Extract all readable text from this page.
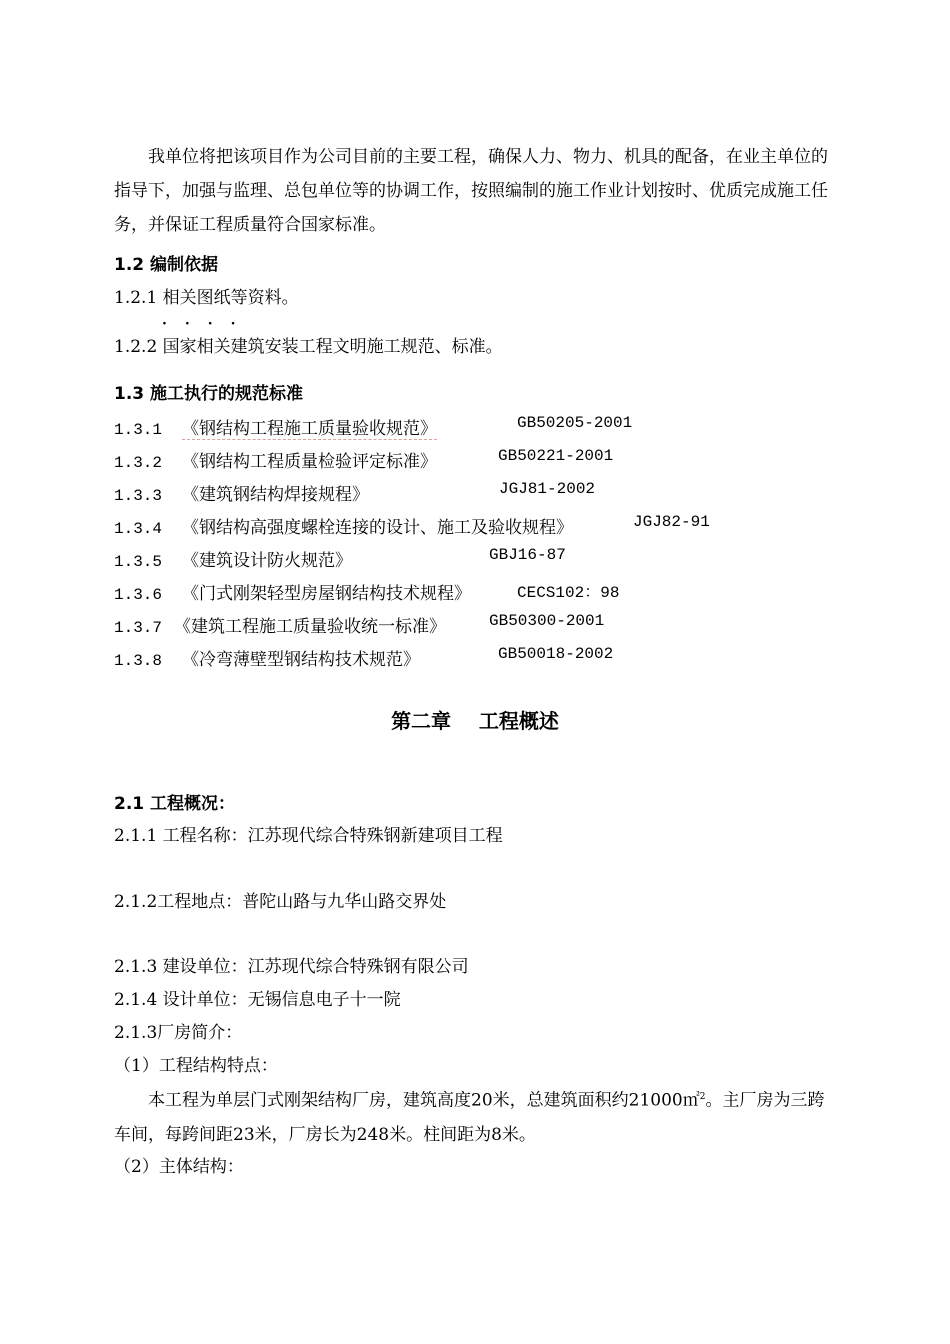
我单位将把该项目作为公司目前的主要工程，确保人力、物力、机具的配备，在业主单位的指导下，加强与监理、总包单位等的协调工作，按照编制的施工作业计划按时、优质完成施工任务，并保证工程质量符合国家标准。
1.2 编制依据
1.2.1 相关图纸等资料。
····
1.2.2 国家相关建筑安装工程文明施工规范、标准。
1.3 施工执行的规范标准
1.3.1 《钢结构工程施工质量验收规范》	GB50205-2001
1.3.2 《钢结构工程质量检验评定标准》	GB50221-2001
1.3.3 《建筑钢结构焊接规程》	JGJ81-2002
1.3.4 《钢结构高强度螺栓连接的设计、施工及验收规程》	JGJ82-91
1.3.5 《建筑设计防火规范》	GBJ16-87
1.3.6 《门式刚架轻型房屋钢结构技术规程》	CECS102：98
1.3.7 《建筑工程施工质量验收统一标准》	GB50300-2001
1.3.8 《冷弯薄壁型钢结构技术规范》	GB50018-2002
第二章 工程概述
2.1 工程概况：
2.1.1 工程名称：江苏现代综合特殊钢新建项目工程
2.1.2工程地点：普陀山路与九华山路交界处
2.1.3 建设单位：江苏现代综合特殊钢有限公司
2.1.4 设计单位：无锡信息电子十一院
2.1.3厂房简介：
（1）工程结构特点：
本工程为单层门式刚架结构厂房，建筑高度20米，总建筑面积约21000㎡$^2$。主厂房为三跨车间，每跨间距23米，厂房长为248米。柱间距为8米。
（2）主体结构：
